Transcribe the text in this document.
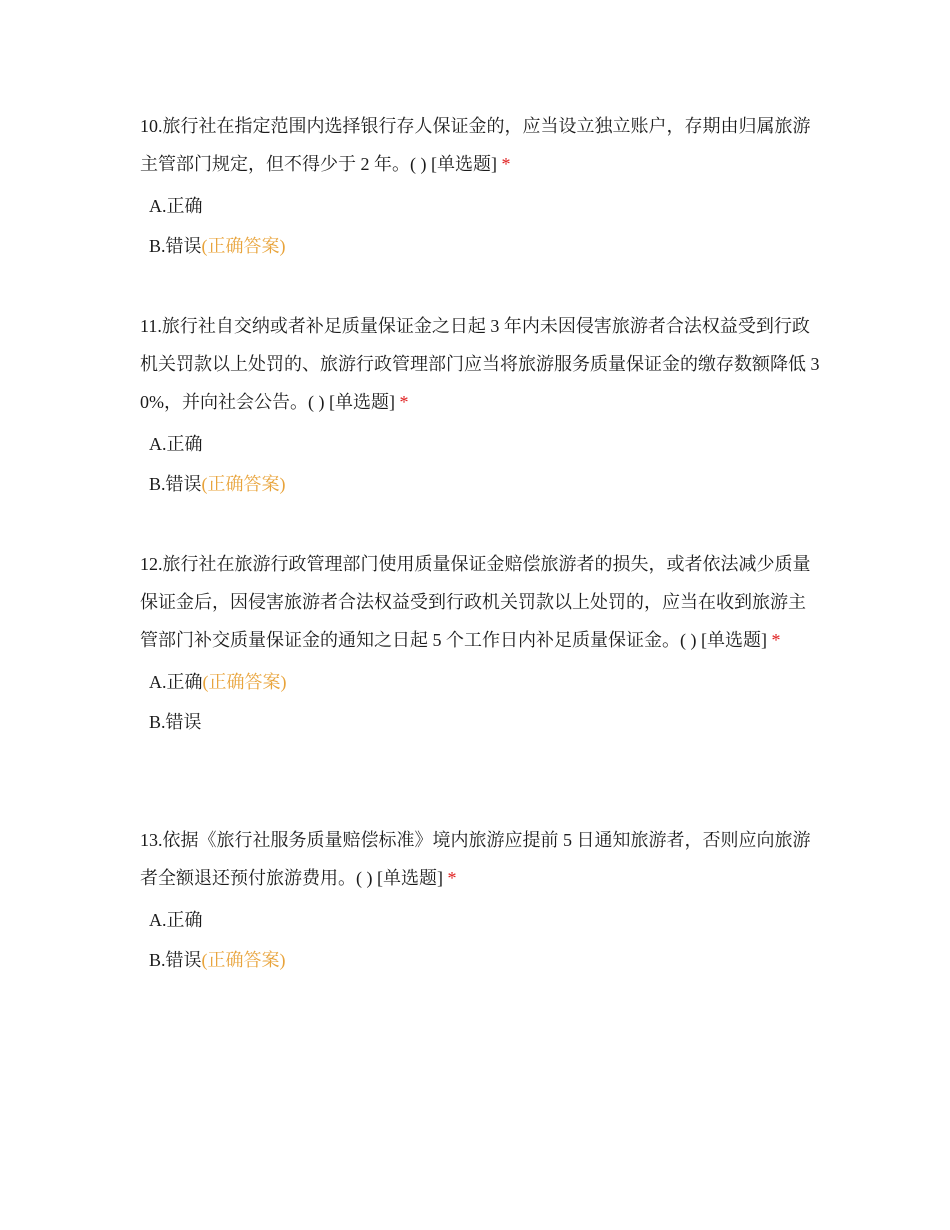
10.旅行社在指定范围内选择银行存人保证金的，应当设立独立账户，存期由归属旅游主管部门规定，但不得少于 2 年。( ) [单选题] *

A.正确
B.错误(正确答案)

11.旅行社自交纳或者补足质量保证金之日起 3 年内未因侵害旅游者合法权益受到行政机关罚款以上处罚的、旅游行政管理部门应当将旅游服务质量保证金的缴存数额降低 30%，并向社会公告。( ) [单选题] *

A.正确
B.错误(正确答案)

12.旅行社在旅游行政管理部门使用质量保证金赔偿旅游者的损失，或者依法减少质量保证金后，因侵害旅游者合法权益受到行政机关罚款以上处罚的，应当在收到旅游主管部门补交质量保证金的通知之日起 5 个工作日内补足质量保证金。( ) [单选题] *

A.正确(正确答案)
B.错误

13.依据《旅行社服务质量赔偿标准》境内旅游应提前 5 日通知旅游者，否则应向旅游者全额退还预付旅游费用。( ) [单选题] *

A.正确
B.错误(正确答案)
